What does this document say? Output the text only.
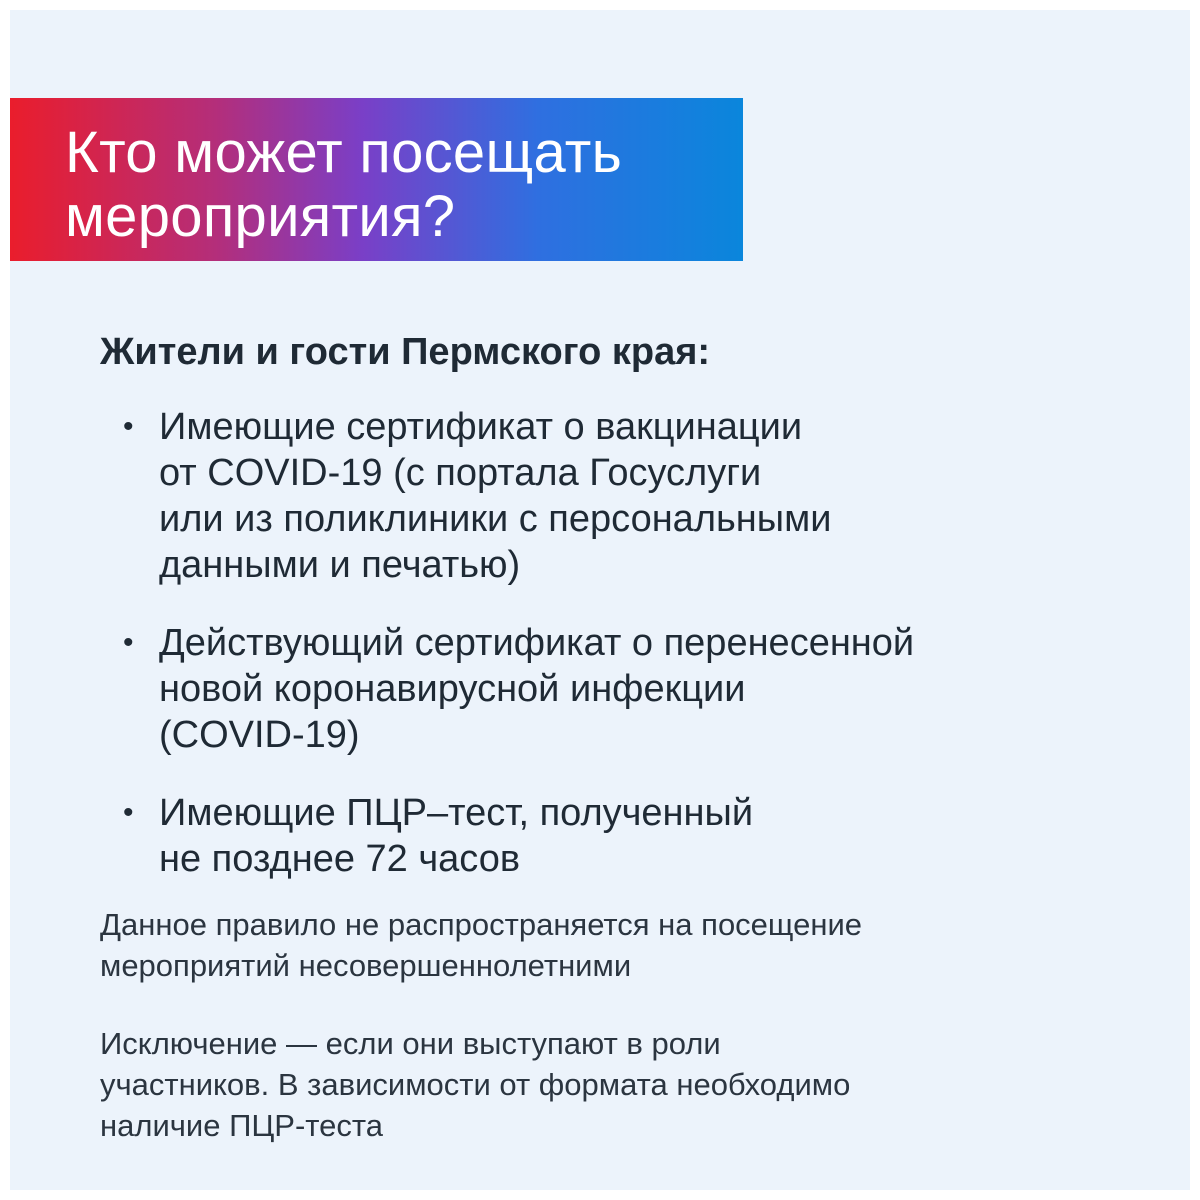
Кто может посещать
мероприятия?
Жители и гости Пермского края:
• Имеющие сертификат о вакцинации
от COVID-19 (с портала Госуслуги
или из поликлиники с персональными
данными и печатью)
• Действующий сертификат о перенесенной
новой коронавирусной инфекции
(COVID-19)
• Имеющие ПЦР–тест, полученный
не позднее 72 часов

Данное правило не распространяется на посещение
мероприятий несовершеннолетними

Исключение — если они выступают в роли
участников. В зависимости от формата необходимо
наличие ПЦР-теста
